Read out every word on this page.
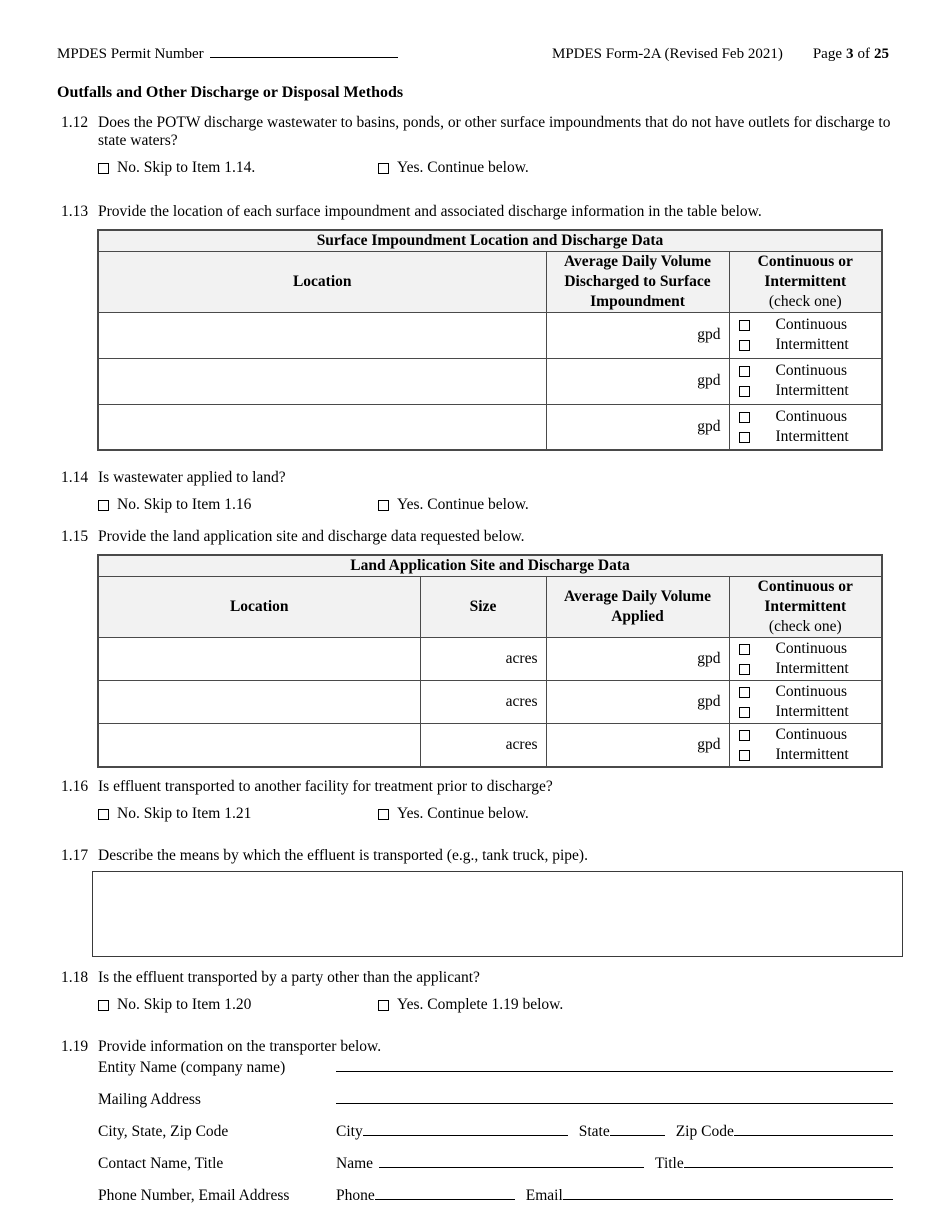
MPDES Permit Number	MPDES Form-2A (Revised Feb 2021) Page 3 of 25
Outfalls and Other Discharge or Disposal Methods
1.12 Does the POTW discharge wastewater to basins, ponds, or other surface impoundments that do not have outlets for discharge to state waters?
No. Skip to Item 1.14.	Yes. Continue below.
1.13 Provide the location of each surface impoundment and associated discharge information in the table below.
Surface Impoundment Location and Discharge Data		
Location	Average Daily Volume Discharged to Surface Impoundment	Continuous or Intermittent
(check one)

	gpd	Continuous
Intermittent

	gpd	Continuous
Intermittent

	gpd	Continuous
Intermittent
1.14 Is wastewater applied to land?
No. Skip to Item 1.16	Yes. Continue below.
1.15 Provide the land application site and discharge data requested below.
Land Application Site and Discharge Data			
Location	Size	Average Daily Volume Applied	Continuous or Intermittent
(check one)

	acres	gpd	Continuous
Intermittent

	acres	gpd	Continuous
Intermittent

	acres	gpd	Continuous
Intermittent
1.16 Is effluent transported to another facility for treatment prior to discharge?
No. Skip to Item 1.21	Yes. Continue below.
1.17 Describe the means by which the effluent is transported (e.g., tank truck, pipe).
1.18 Is the effluent transported by a party other than the applicant?
No. Skip to Item 1.20	Yes. Complete 1.19 below.
1.19 Provide information on the transporter below.
Entity Name (company name)
Mailing Address
City, State, Zip Code	City	State	Zip Code
Contact Name, Title	Name	Title
Phone Number, Email Address	Phone	Email
